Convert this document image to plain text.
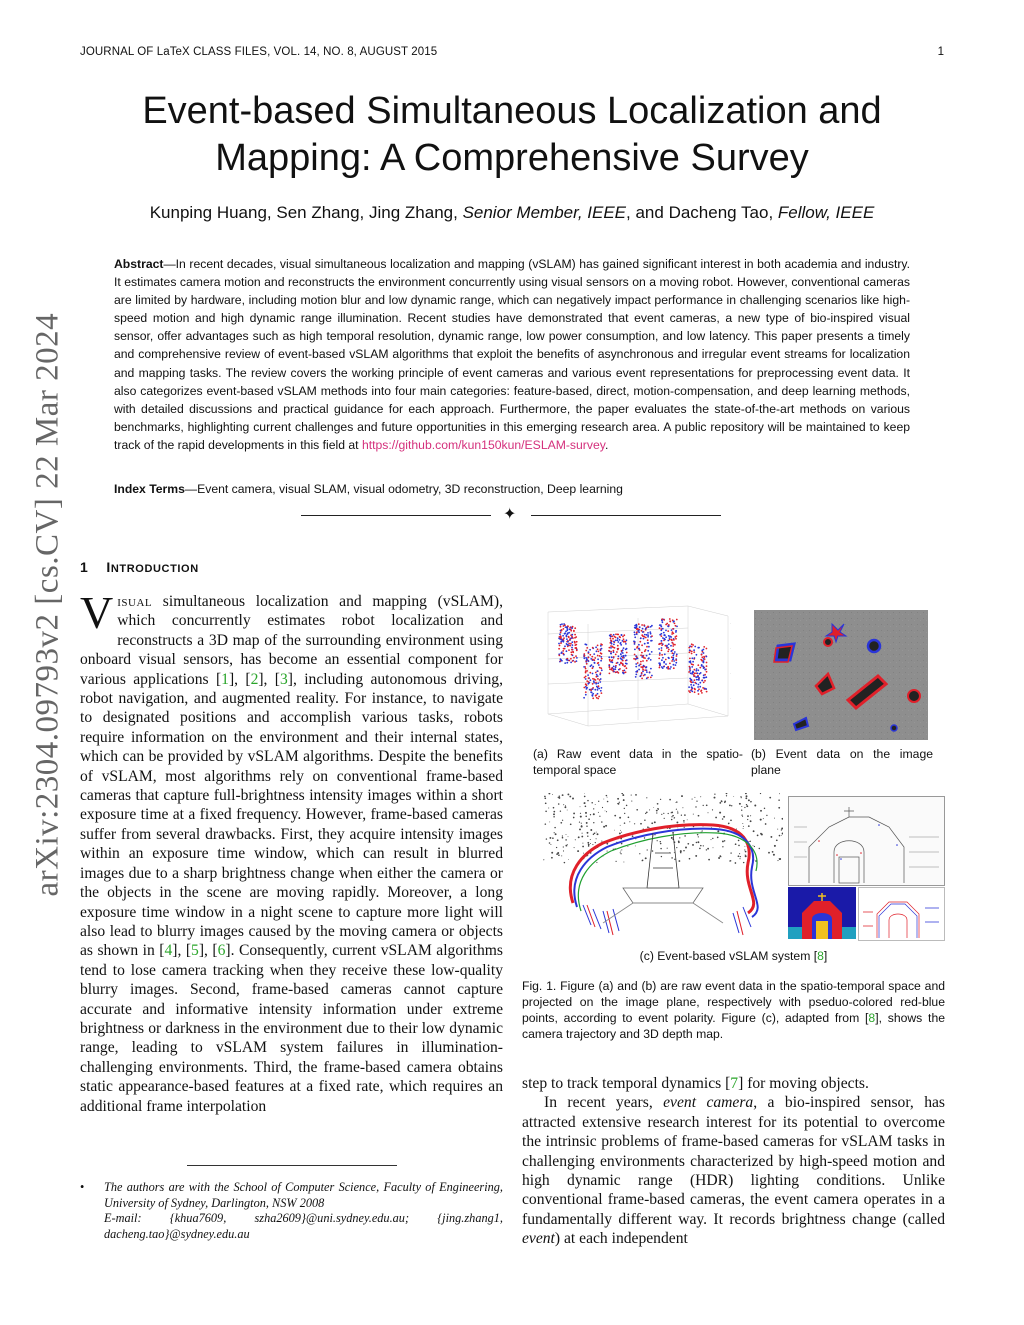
JOURNAL OF LaTeX CLASS FILES, VOL. 14, NO. 8, AUGUST 2015	1
Event-based Simultaneous Localization and
Mapping: A Comprehensive Survey
Kunping Huang, Sen Zhang, Jing Zhang, Senior Member, IEEE, and Dacheng Tao, Fellow, IEEE
Abstract—In recent decades, visual simultaneous localization and mapping (vSLAM) has gained significant interest in both academia and industry. It estimates camera motion and reconstructs the environment concurrently using visual sensors on a moving robot. However, conventional cameras are limited by hardware, including motion blur and low dynamic range, which can negatively impact performance in challenging scenarios like high-speed motion and high dynamic range illumination. Recent studies have demonstrated that event cameras, a new type of bio-inspired visual sensor, offer advantages such as high temporal resolution, dynamic range, low power consumption, and low latency. This paper presents a timely and comprehensive review of event-based vSLAM algorithms that exploit the benefits of asynchronous and irregular event streams for localization and mapping tasks. The review covers the working principle of event cameras and various event representations for preprocessing event data. It also categorizes event-based vSLAM methods into four main categories: feature-based, direct, motion-compensation, and deep learning methods, with detailed discussions and practical guidance for each approach. Furthermore, the paper evaluates the state-of-the-art methods on various benchmarks, highlighting current challenges and future opportunities in this emerging research area. A public repository will be maintained to keep track of the rapid developments in this field at https://github.com/kun150kun/ESLAM-survey.
Index Terms—Event camera, visual SLAM, visual odometry, 3D reconstruction, Deep learning
✦
1 INTRODUCTION
Visual simultaneous localization and mapping (vSLAM), which concurrently estimates robot localization and reconstructs a 3D map of the surrounding environment using onboard visual sensors, has become an essential component for various applications [1], [2], [3], including autonomous driving, robot navigation, and augmented reality. For instance, to navigate to designated positions and accomplish various tasks, robots require information on the environment and their internal states, which can be provided by vSLAM algorithms. Despite the benefits of vSLAM, most algorithms rely on conventional frame-based cameras that capture full-brightness intensity images within a short exposure time at a fixed frequency. However, frame-based cameras suffer from several drawbacks. First, they acquire intensity images within an exposure time window, which can result in blurred images due to a sharp brightness change when either the camera or the objects in the scene are moving rapidly. Moreover, a long exposure time window in a night scene to capture more light will also lead to blurry images caused by the moving camera or objects as shown in [4], [5], [6]. Consequently, current vSLAM algorithms tend to lose camera tracking when they receive these low-quality blurry images. Second, frame-based cameras cannot capture accurate and informative intensity information under extreme brightness or darkness in the environment due to their low dynamic range, leading to vSLAM system failures in illumination-challenging environments. Third, the frame-based camera obtains static appearance-based features at a fixed rate, which requires an additional frame interpolation
• The authors are with the School of Computer Science, Faculty of Engineering, University of Sydney, Darlington, NSW 2008
E-mail: {khua7609, szha2609}@uni.sydney.edu.au; {jing.zhang1, dacheng.tao}@sydney.edu.au
arXiv:2304.09793v2 [cs.CV] 22 Mar 2024	.
.
.
.
(a) Raw event data in the spatio-temporal space
(b) Event data on the image plane
(c) Event-based vSLAM system [8]
Fig. 1. Figure (a) and (b) are raw event data in the spatio-temporal space and projected on the image plane, respectively with pseduo-colored red-blue points, according to event polarity. Figure (c), adapted from [8], shows the camera trajectory and 3D depth map.

step to track temporal dynamics [7] for moving objects.

In recent years, event camera, a bio-inspired sensor, has attracted extensive research interest for its potential to overcome the intrinsic problems of frame-based cameras for vSLAM tasks in challenging environments characterized by high-speed motion and high dynamic range (HDR) lighting conditions. Unlike conventional frame-based cameras, the event camera operates in a fundamentally different way. It records brightness change (called event) at each independent
